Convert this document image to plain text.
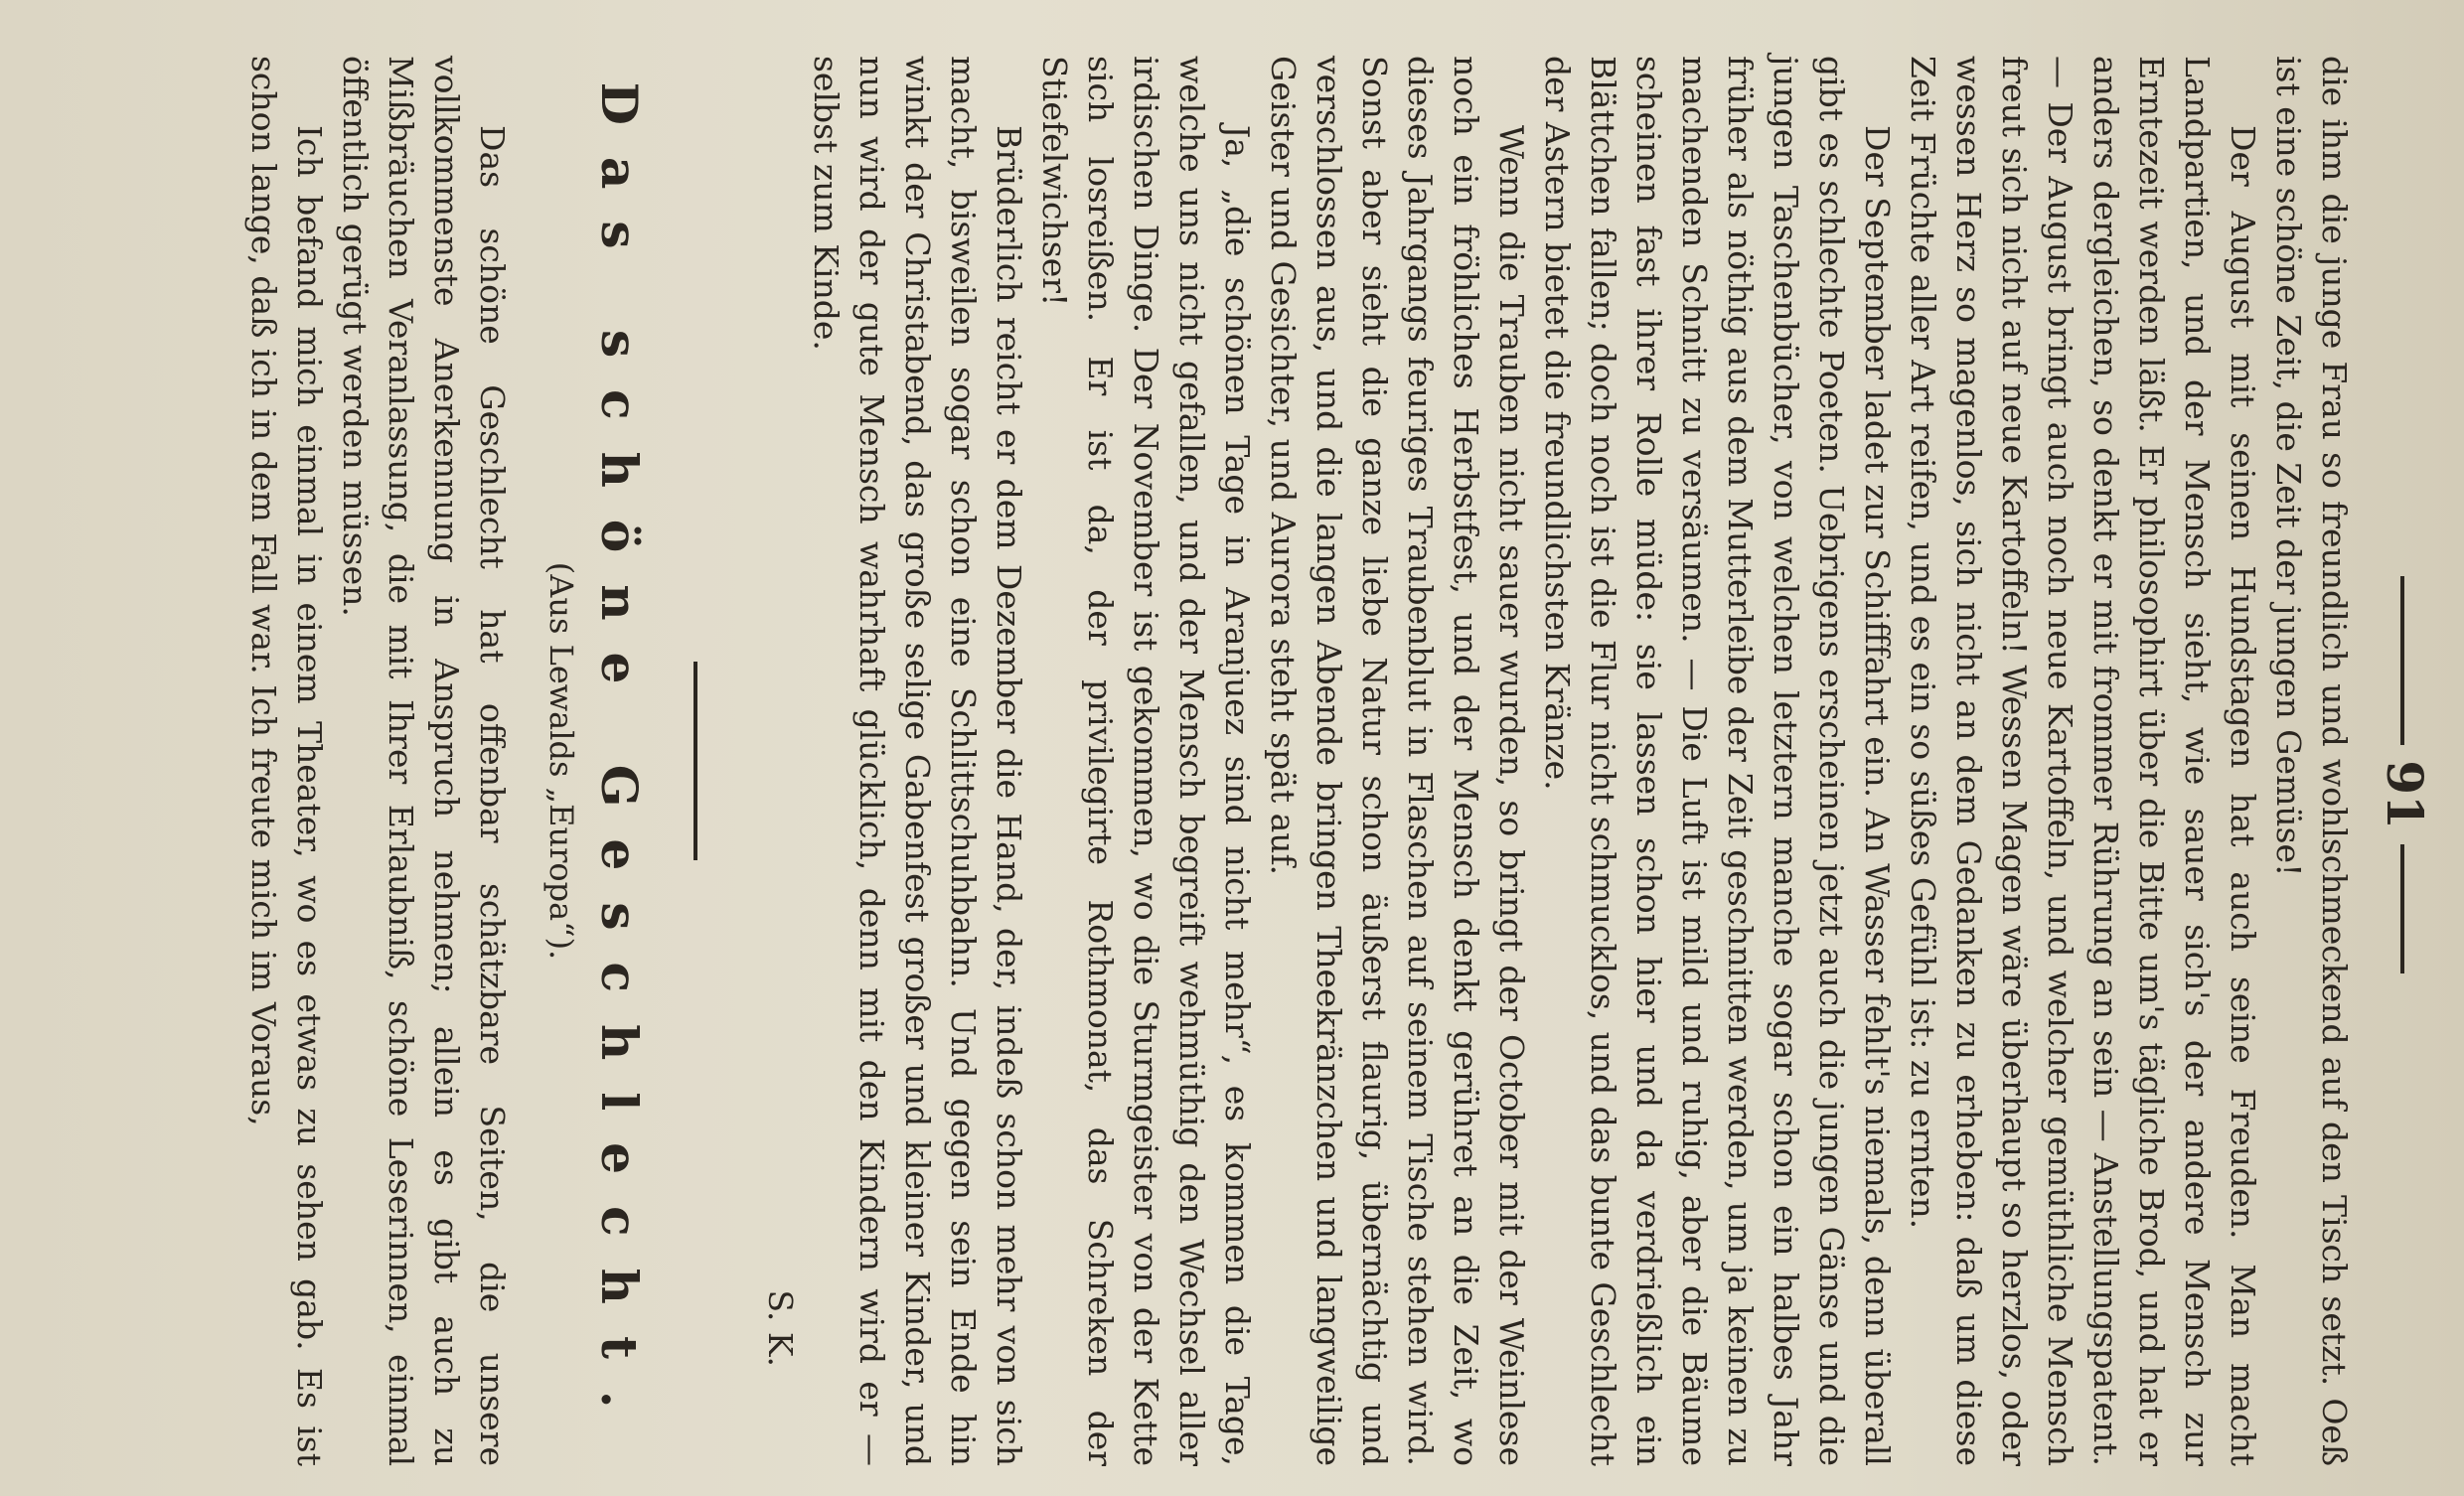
91

die ihm die junge Frau so freundlich und wohlschmeckend auf den Tisch setzt. Oeß ist eine schöne Zeit, die Zeit der jungen Gemüse!

Der August mit seinen Hundstagen hat auch seine Freuden. Man macht Landpartien, und der Mensch sieht, wie sauer sich's der andere Mensch zur Erntezeit werden läßt. Er philosophirt über die Bitte um's tägliche Brod, und hat er anders dergleichen, so denkt er mit frommer Rührung an sein — Anstellungspatent. — Der August bringt auch noch neue Kartoffeln, und welcher gemüthliche Mensch freut sich nicht auf neue Kartoffeln! Wessen Magen wäre überhaupt so herzlos, oder wessen Herz so magenlos, sich nicht an dem Gedanken zu erheben: daß um diese Zeit Früchte aller Art reifen, und es ein so süßes Gefühl ist: zu ernten.

Der September ladet zur Schifffahrt ein. An Wasser fehlt's niemals, denn überall gibt es schlechte Poeten. Uebrigens erscheinen jetzt auch die jungen Gänse und die jungen Taschenbücher, von welchen letztern manche sogar schon ein halbes Jahr früher als nöthig aus dem Mutterleibe der Zeit geschnitten werden, um ja keinen zu machenden Schnitt zu versäumen. — Die Luft ist mild und ruhig, aber die Bäume scheinen fast ihrer Rolle müde: sie lassen schon hier und da verdrießlich ein Blättchen fallen; doch noch ist die Flur nicht schmucklos, und das bunte Geschlecht der Astern bietet die freundlichsten Kränze.

Wenn die Trauben nicht sauer wurden, so bringt der October mit der Weinlese noch ein fröhliches Herbstfest, und der Mensch denkt gerühret an die Zeit, wo dieses Jahrgangs feuriges Traubenblut in Flaschen auf seinem Tische stehen wird. Sonst aber sieht die ganze liebe Natur schon äußerst flaurig, übernächtig und verschlossen aus, und die langen Abende bringen Theekränzchen und langweilige Geister und Gesichter, und Aurora steht spät auf.

Ja, „die schönen Tage in Aranjuez sind nicht mehr“, es kommen die Tage, welche uns nicht gefallen, und der Mensch begreift wehmüthig den Wechsel aller irdischen Dinge. Der November ist gekommen, wo die Sturmgeister von der Kette sich losreißen. Er ist da, der privilegirte Rothmonat, das Schreken der Stiefelwichser!

Brüderlich reicht er dem Dezember die Hand, der, indeß schon mehr von sich macht, bisweilen sogar schon eine Schlittschuhbahn. Und gegen sein Ende hin winkt der Christabend, das große selige Gabenfest großer und kleiner Kinder, und nun wird der gute Mensch wahrhaft glücklich, denn mit den Kindern wird er — selbst zum Kinde.

S. K.

Das schöne Geschlecht.

(Aus Lewalds „Europa“).

Das schöne Geschlecht hat offenbar schätzbare Seiten, die unsere vollkommenste Anerkennung in Anspruch nehmen; allein es gibt auch zu Mißbräuchen Veranlassung, die mit Ihrer Erlaubniß, schöne Leserinnen, einmal öffentlich gerügt werden müssen.

Ich befand mich einmal in einem Theater, wo es etwas zu sehen gab. Es ist schon lange, daß ich in dem Fall war. Ich freute mich im Voraus,
